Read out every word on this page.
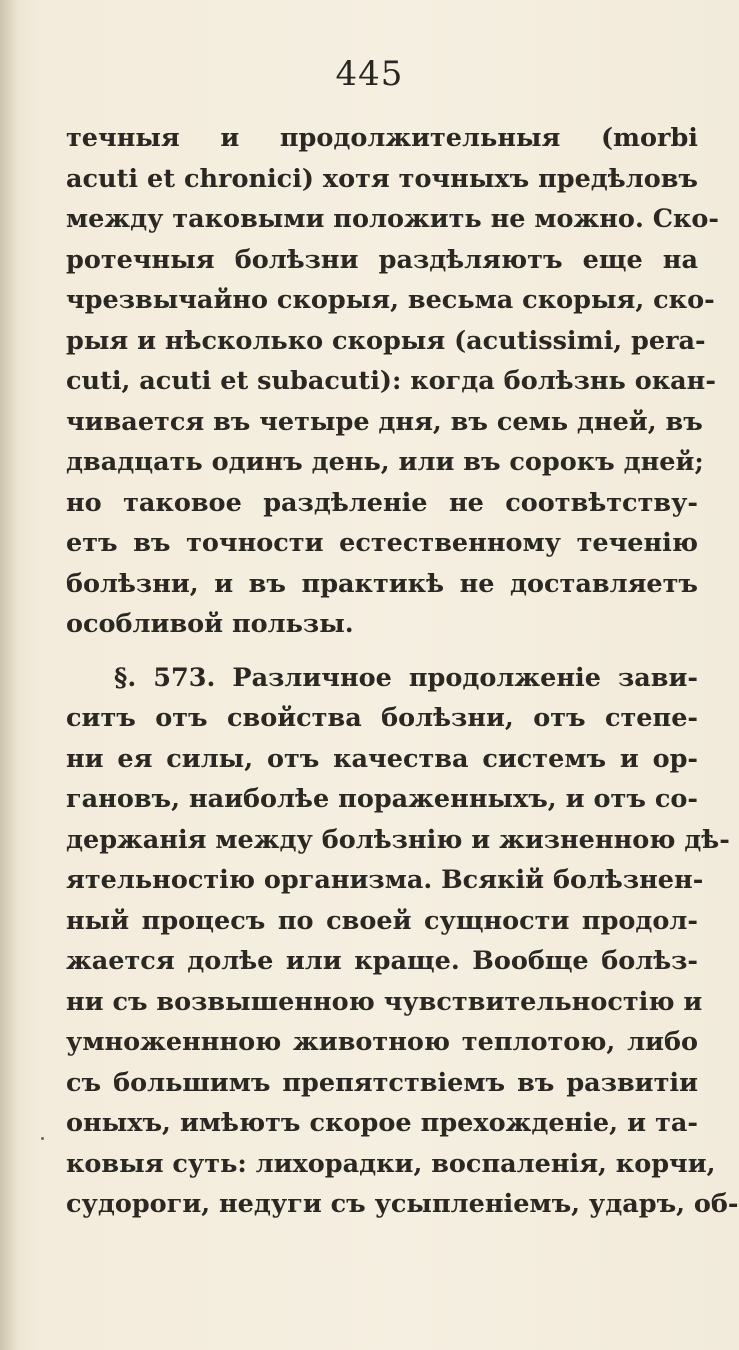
445
течныя и продолжительныя (morbi
acuti et chronici) хотя точныхъ предѣловъ
между таковыми положить не можно. Ско-
ротечныя болѣзни раздѣляютъ еще на
чрезвычайно скорыя, весьма скорыя, ско-
рыя и нѣсколько скорыя (acutissimi, pera-
cuti, acuti et subacuti): когда болѣзнь окан-
чивается въ четыре дня, въ семь дней, въ
двадцать одинъ день, или въ сорокъ дней;
но таковое раздѣленіе не соотвѣтству-
етъ въ точности естественному теченію
болѣзни, и въ практикѣ не доставляетъ
особливой пользы.
§. 573. Различное продолженіе зави-
ситъ отъ свойства болѣзни, отъ степе-
ни ея силы, отъ качества системъ и ор-
гановъ, наиболѣе пораженныхъ, и отъ со-
держанія между болѣзнію и жизненною дѣ-
ятельностію организма. Всякій болѣзнен-
ный процесъ по своей сущности продол-
жается долѣе или краще. Вообще болѣз-
ни съ возвышенною чувствительностію и
умноженнною живoтною теплотою, либо
съ большимъ препятствіемъ въ развитіи
оныхъ, имѣютъ скорое прехожденіе, и та-
ковыя суть: лихорадки, воспаленія, корчи,
судороги, недуги съ усыпленіемъ, ударъ, об-
